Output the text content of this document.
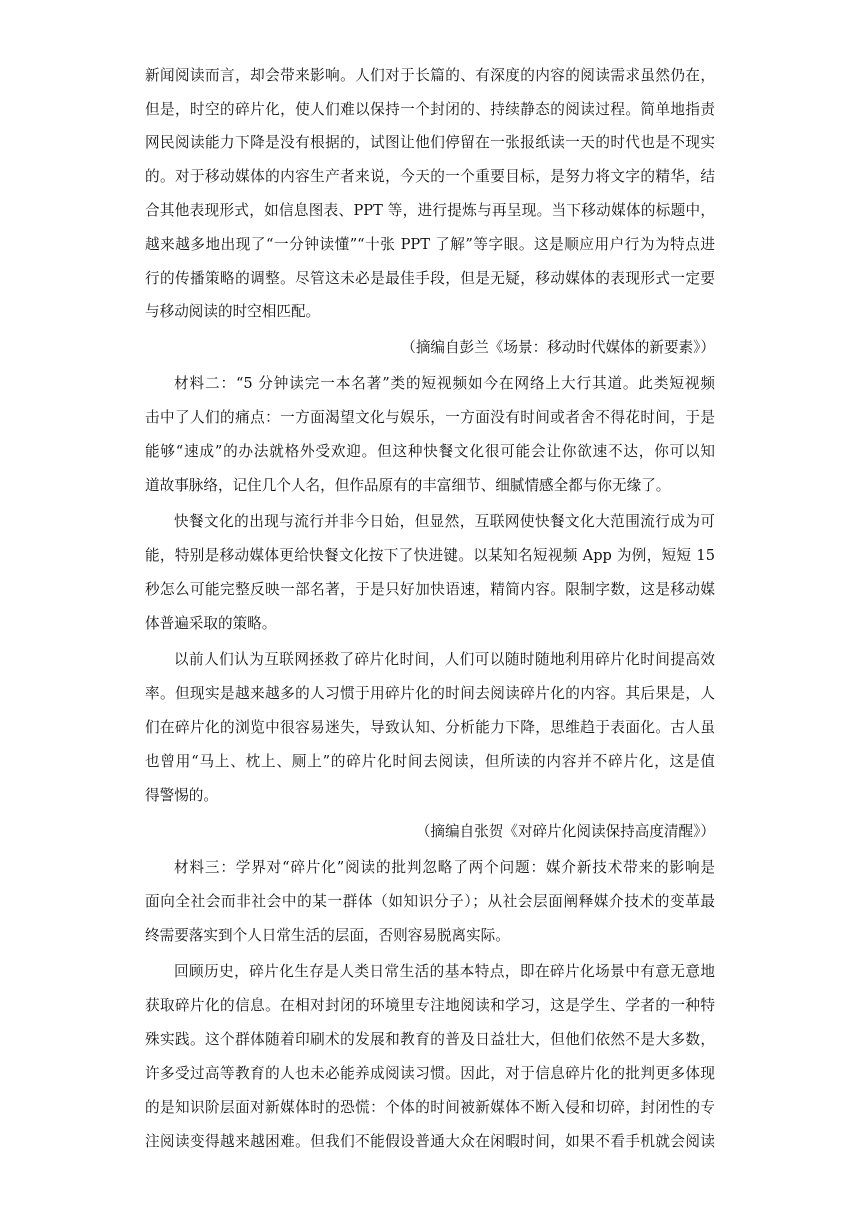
新闻阅读而言，却会带来影响。人们对于长篇的、有深度的内容的阅读需求虽然仍在，
但是，时空的碎片化，使人们难以保持一个封闭的、持续静态的阅读过程。简单地指责
网民阅读能力下降是没有根据的，试图让他们停留在一张报纸读一天的时代也是不现实
的。对于移动媒体的内容生产者来说，今天的一个重要目标，是努力将文字的精华，结
合其他表现形式，如信息图表、PPT 等，进行提炼与再呈现。当下移动媒体的标题中，
越来越多地出现了“一分钟读懂”“十张 PPT 了解”等字眼。这是顺应用户行为为特点进
行的传播策略的调整。尽管这未必是最佳手段，但是无疑，移动媒体的表现形式一定要
与移动阅读的时空相匹配。
（摘编自彭兰《场景：移动时代媒体的新要素》）
材料二：“5 分钟读完一本名著”类的短视频如今在网络上大行其道。此类短视频
击中了人们的痛点：一方面渴望文化与娱乐，一方面没有时间或者舍不得花时间，于是
能够“速成”的办法就格外受欢迎。但这种快餐文化很可能会让你欲速不达，你可以知
道故事脉络，记住几个人名，但作品原有的丰富细节、细腻情感全都与你无缘了。
快餐文化的出现与流行并非今日始，但显然，互联网使快餐文化大范围流行成为可
能，特别是移动媒体更给快餐文化按下了快进键。以某知名短视频 App 为例，短短 15
秒怎么可能完整反映一部名著，于是只好加快语速，精简内容。限制字数，这是移动媒
体普遍采取的策略。
以前人们认为互联网拯救了碎片化时间，人们可以随时随地利用碎片化时间提高效
率。但现实是越来越多的人习惯于用碎片化的时间去阅读碎片化的内容。其后果是，人
们在碎片化的浏览中很容易迷失，导致认知、分析能力下降，思维趋于表面化。古人虽
也曾用“马上、枕上、厕上”的碎片化时间去阅读，但所读的内容并不碎片化，这是值
得警惕的。
（摘编自张贺《对碎片化阅读保持高度清醒》）
材料三：学界对“碎片化”阅读的批判忽略了两个问题：媒介新技术带来的影响是
面向全社会而非社会中的某一群体（如知识分子）；从社会层面阐释媒介技术的变革最
终需要落实到个人日常生活的层面，否则容易脱离实际。
回顾历史，碎片化生存是人类日常生活的基本特点，即在碎片化场景中有意无意地
获取碎片化的信息。在相对封闭的环境里专注地阅读和学习，这是学生、学者的一种特
殊实践。这个群体随着印刷术的发展和教育的普及日益壮大，但他们依然不是大多数，
许多受过高等教育的人也未必能养成阅读习惯。因此，对于信息碎片化的批判更多体现
的是知识阶层面对新媒体时的恐慌：个体的时间被新媒体不断入侵和切碎，封闭性的专
注阅读变得越来越困难。但我们不能假设普通大众在闲暇时间，如果不看手机就会阅读
